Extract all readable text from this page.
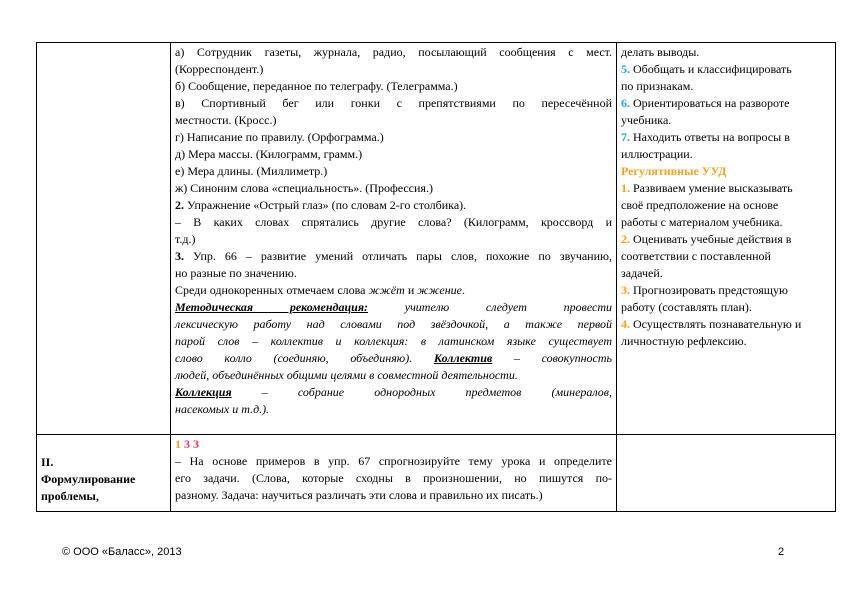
а) Сотрудник газеты, журнала, радио, посылающий сообщения с мест.

(Корреспондент.)

б) Сообщение, переданное по телеграфу. (Телеграмма.)

в) Спортивный бег или гонки с препятствиями по пересечённой

местности. (Кросс.)

г) Написание по правилу. (Орфограмма.)

д) Мера массы. (Килограмм, грамм.)

е) Мера длины. (Миллиметр.)

ж) Синоним слова «специальность». (Профессия.)

2. Упражнение «Острый глаз» (по словам 2-го столбика).

– В каких словах спрятались другие слова? (Килограмм, кроссворд и

т.д.)

3. Упр. 66 – развитие умений отличать пары слов, похожие по звучанию,

но разные по значению.

Среди однокоренных отмечаем слова жжёт и жжение.

Методическая рекомендация: учителю следует провести

лексическую работу над словами под звёздочкой, а также первой

парой слов – коллектив и коллекция: в латинском языке существует

слово колло (соединяю, объединяю). Коллектив – совокупность

людей, объединённых общими целями в совместной деятельности.

Коллекция – собрание однородных предметов (минералов,

насекомых и т.д.).

делать выводы.

5. Обобщать и классифицировать

по признакам.

6. Ориентироваться на развороте

учебника.

7. Находить ответы на вопросы в

иллюстрации.

Регулятивные УУД

1. Развиваем умение высказывать

своё предположение на основе

работы с материалом учебника.

2. Оценивать учебные действия в

соответствии с поставленной

задачей.

3. Прогнозировать предстоящую

работу (составлять план).

4. Осуществлять познавательную и

личностную рефлексию.

II.
Формулирование
проблемы,

1 3 3

– На основе примеров в упр. 67 спрогнозируйте тему урока и определите

его задачи. (Слова, которые сходны в произношении, но пишутся по-

разному. Задача: научиться различать эти слова и правильно их писать.)

© ООО «Баласс», 2013	2
